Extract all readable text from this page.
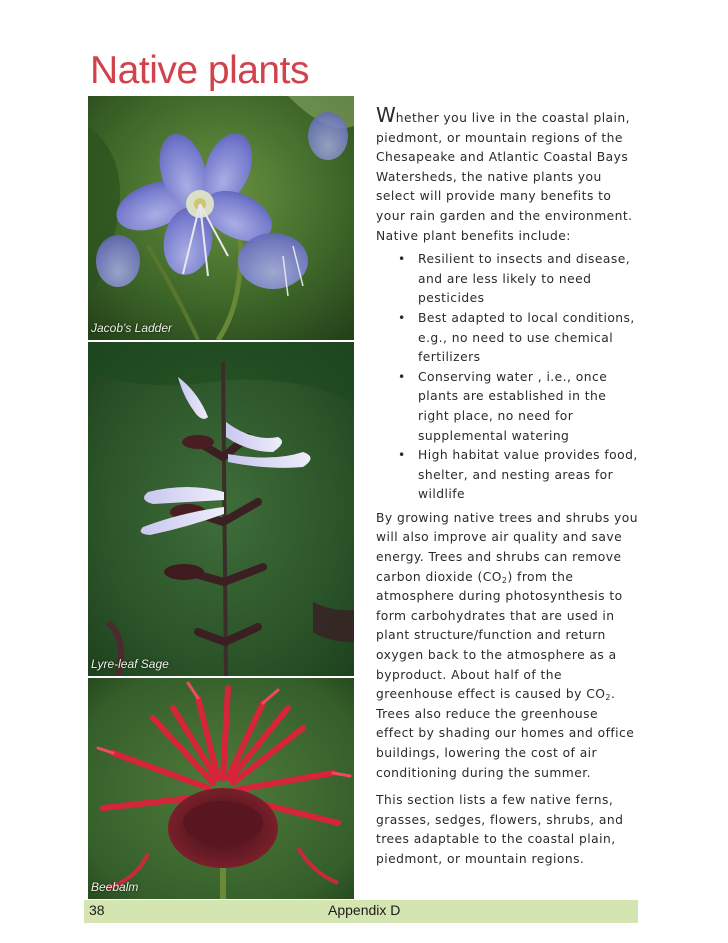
Native plants
Jacob's Ladder
Lyre-leaf Sage
Beebalm

Whether you live in the coastal plain, piedmont, or mountain regions of the Chesapeake and Atlantic Coastal Bays Watersheds, the native plants you select will provide many benefits to your rain garden and the environment. Native plant benefits include:

• Resilient to insects and disease, and are less likely to need pesticides
• Best adapted to local conditions, e.g., no need to use chemical fertilizers
• Conserving water , i.e., once plants are established in the right place, no need for supplemental watering
• High habitat value provides food, shelter, and nesting areas for wildlife

By growing native trees and shrubs you will also improve air quality and save energy. Trees and shrubs can remove carbon dioxide $(CO_2)$ from the atmosphere during photosynthesis to form carbohydrates that are used in plant structure/function and return oxygen back to the atmosphere as a byproduct. About half of the greenhouse effect is caused by $CO_2$. Trees also reduce the greenhouse effect by shading our homes and office buildings, lowering the cost of air conditioning during the summer.

This section lists a few native ferns, grasses, sedges, flowers, shrubs, and trees adaptable to the coastal plain, piedmont, or mountain regions.

38	Appendix D
